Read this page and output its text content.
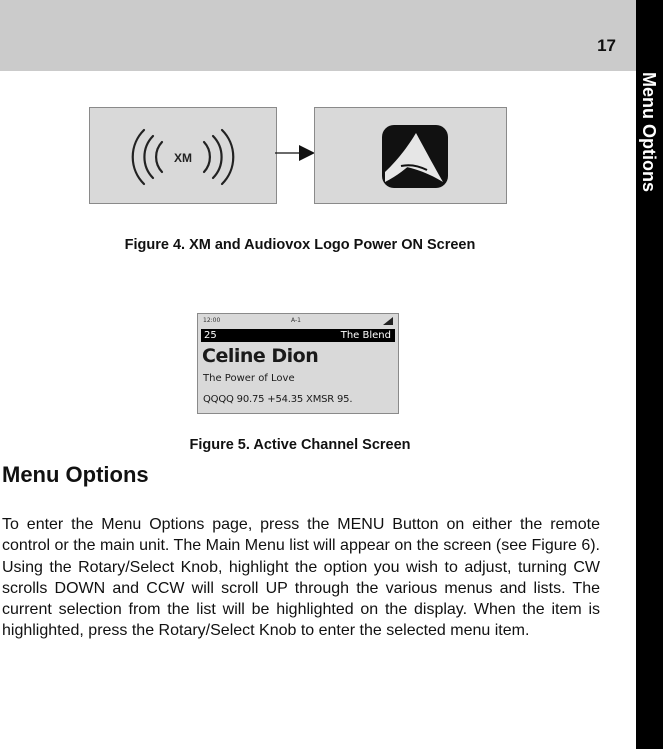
17
Menu Options
XM
Figure 4. XM and Audiovox Logo Power ON Screen
12:00	A-1
25	The Blend
Celine Dion
The Power of Love
QQQQ 90.75 +54.35 XMSR 95.
Figure 5. Active Channel Screen
Menu Options
To enter the Menu Options page, press the MENU Button on either the remote control or the main unit. The Main Menu list will appear on the screen (see Figure 6). Using the Rotary/Select Knob, highlight the option you wish to adjust, turning CW scrolls DOWN and CCW will scroll UP through the various menus and lists. The current selection from the list will be highlighted on the display. When the item is highlighted, press the Rotary/Select Knob to enter the selected menu item.
